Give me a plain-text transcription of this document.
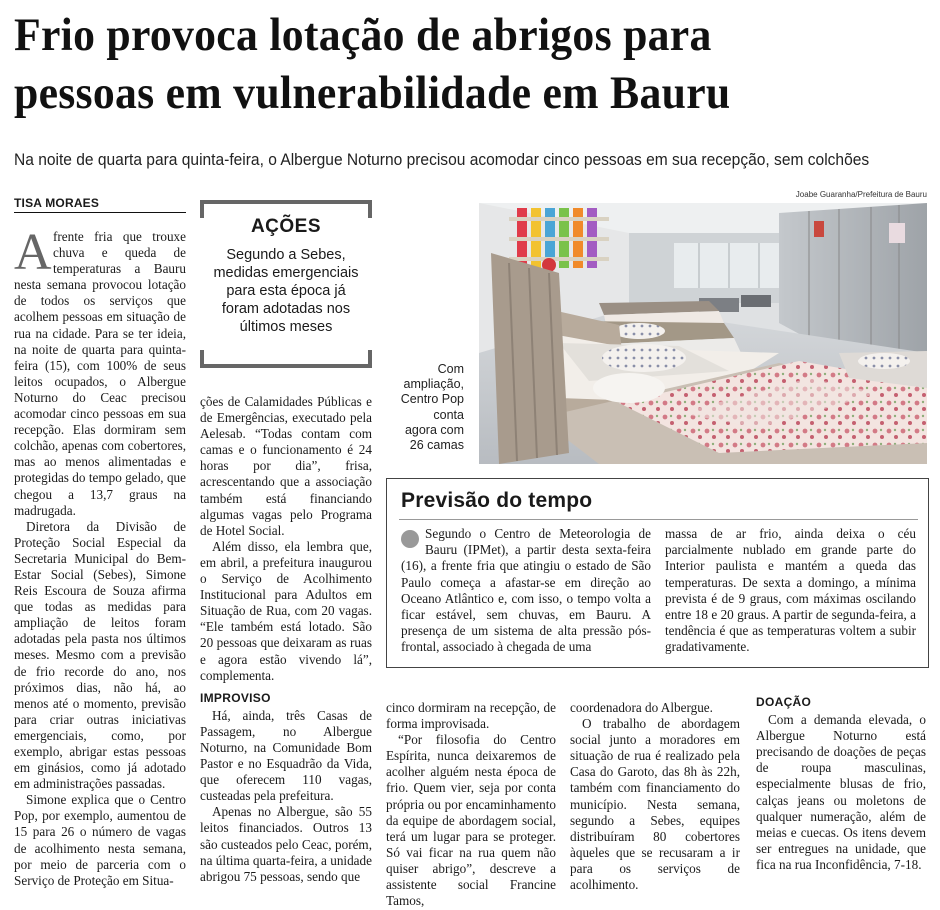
Frio provoca lotação de abrigos para
pessoas em vulnerabilidade em Bauru
Na noite de quarta para quinta-feira, o Albergue Noturno precisou acomodar cinco pessoas em sua recepção, sem colchões
TISA MORAES

Afrente fria que trouxe chuva e queda de temperaturas a Bauru nesta semana provocou lotação de todos os serviços que acolhem pessoas em situação de rua na cidade. Para se ter ideia, na noite de quarta para quinta-feira (15), com 100% de seus leitos ocupados, o Albergue Noturno do Ceac precisou acomodar cinco pessoas em sua recepção. Elas dormiram sem colchão, apenas com cobertores, mas ao menos alimentadas e protegidas do tempo gelado, que chegou a 13,7 graus na madrugada.

Diretora da Divisão de Proteção Social Especial da Secretaria Municipal do Bem-Estar Social (Sebes), Simone Reis Escoura de Souza afirma que todas as medidas para ampliação de leitos foram adotadas pela pasta nos últimos meses. Mesmo com a previsão de frio recorde do ano, nos próximos dias, não há, ao menos até o momento, previsão para criar outras iniciativas emergenciais, como, por exemplo, abrigar estas pessoas em ginásios, como já adotado em administrações passadas.

Simone explica que o Centro Pop, por exemplo, aumentou de 15 para 26 o número de vagas de acolhimento nesta semana, por meio de parceria com o Serviço de Proteção em Situa-

AÇÕES
Segundo a Sebes, medidas emergenciais para esta época já foram adotadas nos últimos meses

ções de Calamidades Públicas e de Emergências, executado pela Aelesab. “Todas contam com camas e o funcionamento é 24 horas por dia”, frisa, acrescentando que a associação também está financiando algumas vagas pelo Programa de Hotel Social.

Além disso, ela lembra que, em abril, a prefeitura inaugurou o Serviço de Acolhimento Institucional para Adultos em Situação de Rua, com 20 vagas. “Ele também está lotado. São 20 pessoas que deixaram as ruas e agora estão vivendo lá”, complementa.

IMPROVISO

Há, ainda, três Casas de Passagem, no Albergue Noturno, na Comunidade Bom Pastor e no Esquadrão da Vida, que oferecem 110 vagas, custeadas pela prefeitura.

Apenas no Albergue, são 55 leitos financiados. Outros 13 são custeados pelo Ceac, porém, na última quarta-feira, a unidade abrigou 75 pessoas, sendo que

Joabe Guaranha/Prefeitura de Bauru
Com ampliação, Centro Pop conta agora com 26 camas
Previsão do tempo
Segundo o Centro de Meteorologia de Bauru (IPMet), a partir desta sexta-feira (16), a frente fria que atingiu o estado de São Paulo começa a afastar-se em direção ao Oceano Atlântico e, com isso, o tempo volta a ficar estável, sem chuvas, em Bauru. A presença de um sistema de alta pressão pós-frontal, associado à chegada de uma
massa de ar frio, ainda deixa o céu parcialmente nublado em grande parte do Interior paulista e mantém a queda das temperaturas. De sexta a domingo, a mínima prevista é de 9 graus, com máximas oscilando entre 18 e 20 graus. A partir de segunda-feira, a tendência é que as temperaturas voltem a subir gradativamente.

cinco dormiram na recepção, de forma improvisada.

“Por filosofia do Centro Espírita, nunca deixaremos de acolher alguém nesta época de frio. Quem vier, seja por conta própria ou por encaminhamento da equipe de abordagem social, terá um lugar para se proteger. Só vai ficar na rua quem não quiser abrigo”, descreve a assistente social Francine Tamos,

coordenadora do Albergue.

O trabalho de abordagem social junto a moradores em situação de rua é realizado pela Casa do Garoto, das 8h às 22h, também com financiamento do município. Nesta semana, segundo a Sebes, equipes distribuíram 80 cobertores àqueles que se recusaram a ir para os serviços de acolhimento.

DOAÇÃO

Com a demanda elevada, o Albergue Noturno está precisando de doações de peças de roupa masculinas, especialmente blusas de frio, calças jeans ou moletons de qualquer numeração, além de meias e cuecas. Os itens devem ser entregues na unidade, que fica na rua Inconfidência, 7-18.
